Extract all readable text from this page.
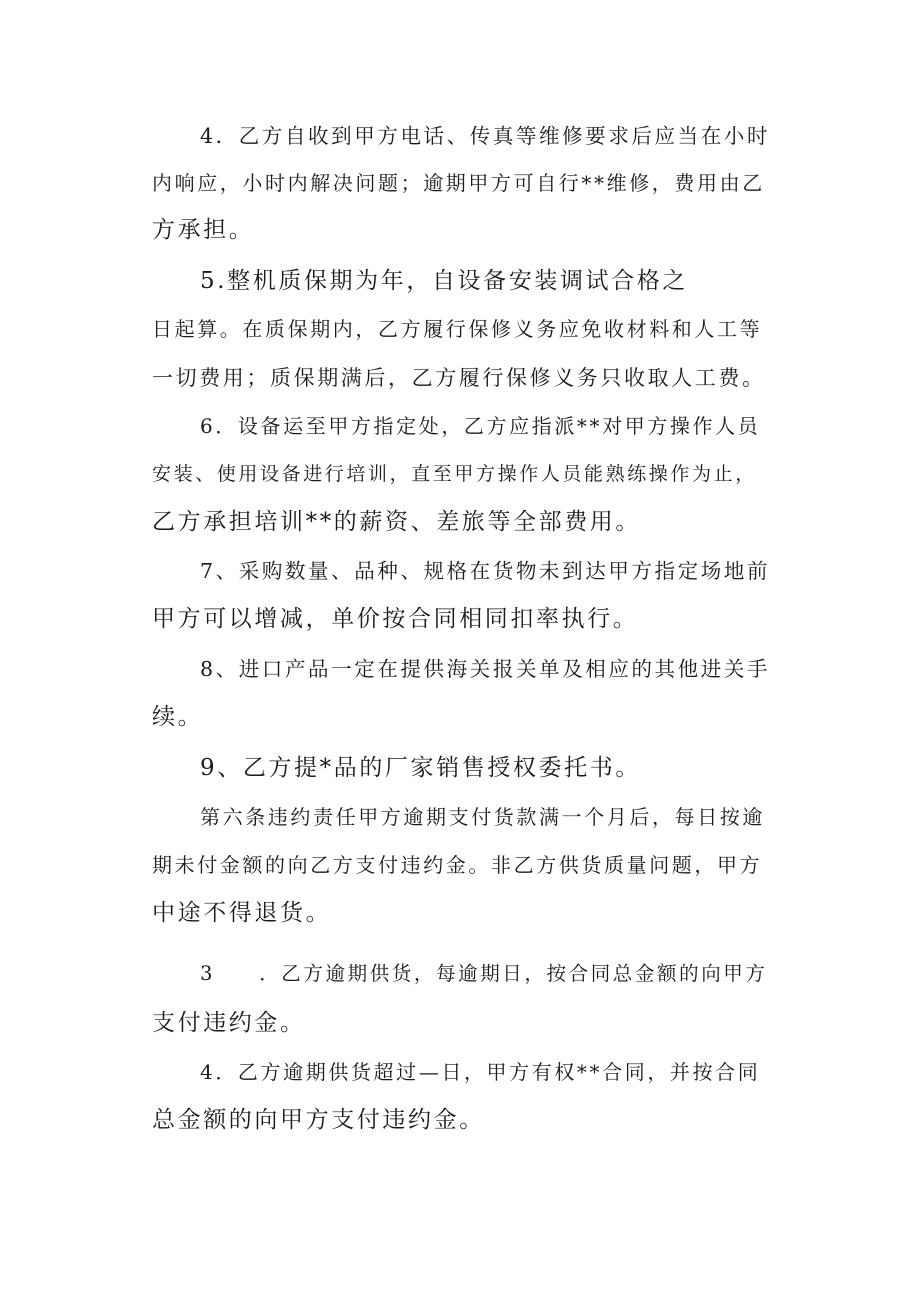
4．乙方自收到甲方电话、传真等维修要求后应当在小时
内响应，小时内解决问题；逾期甲方可自行**维修，费用由乙
方承担。
5.整机质保期为年，自设备安装调试合格之
日起算。在质保期内，乙方履行保修义务应免收材料和人工等
一切费用；质保期满后，乙方履行保修义务只收取人工费。
6．设备运至甲方指定处，乙方应指派**对甲方操作人员
安装、使用设备进行培训，直至甲方操作人员能熟练操作为止，
乙方承担培训**的薪资、差旅等全部费用。
7、采购数量、品种、规格在货物未到达甲方指定场地前
甲方可以增减，单价按合同相同扣率执行。
8、进口产品一定在提供海关报关单及相应的其他进关手
续。
9、乙方提*品的厂家销售授权委托书。
第六条违约责任甲方逾期支付货款满一个月后，每日按逾
期未付金额的向乙方支付违约金。非乙方供货质量问题，甲方
中途不得退货。
3　　．乙方逾期供货，每逾期日，按合同总金额的向甲方
支付违约金。
4．乙方逾期供货超过—日，甲方有权**合同，并按合同
总金额的向甲方支付违约金。
